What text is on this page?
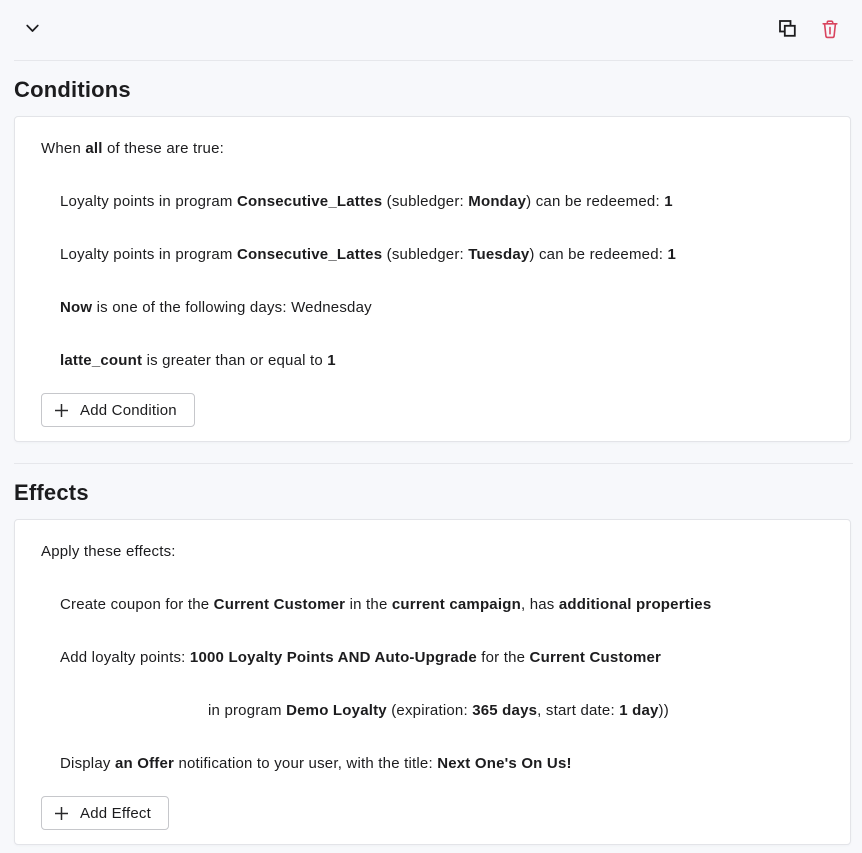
Conditions
When all of these are true:
Loyalty points in program Consecutive_Lattes (subledger: Monday) can be redeemed: 1
Loyalty points in program Consecutive_Lattes (subledger: Tuesday) can be redeemed: 1
Now is one of the following days: Wednesday
latte_count is greater than or equal to 1
Add Condition
Effects
Apply these effects:
Create coupon for the Current Customer in the current campaign, has additional properties
Add loyalty points: 1000 Loyalty Points AND Auto-Upgrade for the Current Customer
in program Demo Loyalty (expiration: 365 days, start date: 1 day))
Display an Offer notification to your user, with the title: Next One's On Us!
Add Effect
